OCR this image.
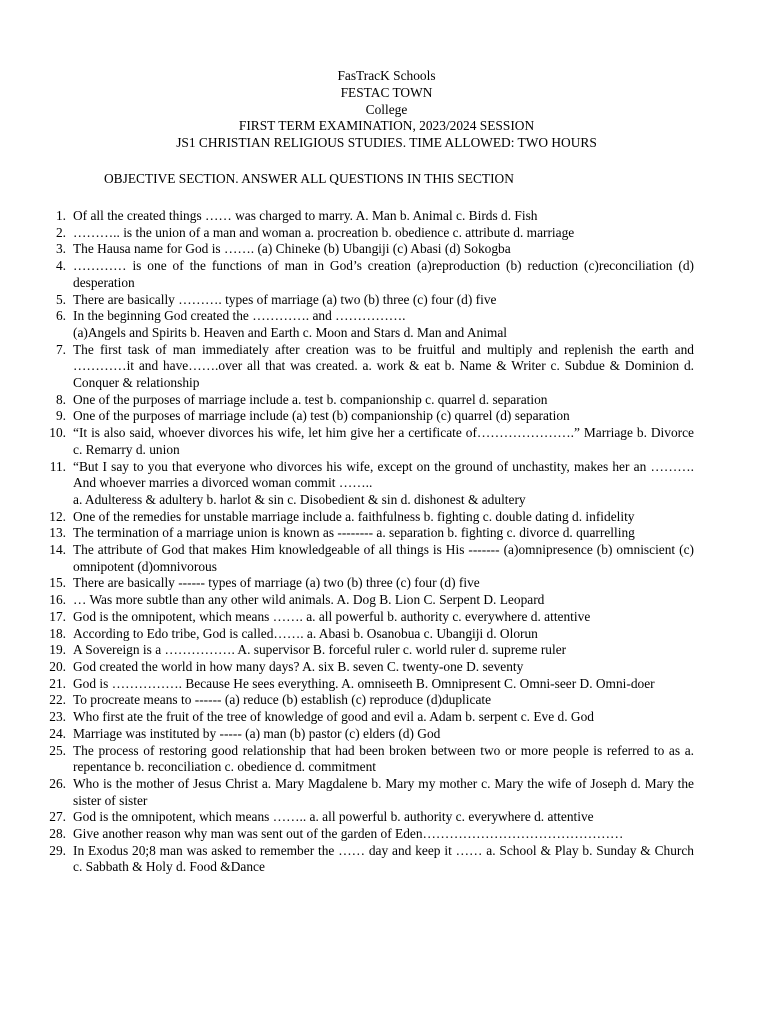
FasTracK Schools
FESTAC TOWN
College
FIRST TERM EXAMINATION, 2023/2024 SESSION
JS1 CHRISTIAN RELIGIOUS STUDIES. TIME ALLOWED: TWO HOURS
OBJECTIVE SECTION. ANSWER ALL QUESTIONS IN THIS SECTION
1. Of all the created things …… was charged to marry. A. Man b. Animal c. Birds d. Fish
2. ……….. is the union of a man and woman a. procreation b. obedience c. attribute d. marriage
3. The Hausa name for God is ……. (a) Chineke (b) Ubangiji (c) Abasi (d) Sokogba
4. ………… is one of the functions of man in God’s creation (a)reproduction (b) reduction (c)reconciliation (d) desperation
5. There are basically ………. types of marriage (a) two (b) three (c) four (d) five
6. In the beginning God created the …………. and …………….
(a)Angels and Spirits b. Heaven and Earth c. Moon and Stars d. Man and Animal
7. The first task of man immediately after creation was to be fruitful and multiply and replenish the earth and …………it and have…….over all that was created. a. work & eat b. Name & Writer c. Subdue & Dominion d. Conquer & relationship
8. One of the purposes of marriage include a. test b. companionship c. quarrel d. separation
9. One of the purposes of marriage include (a) test (b) companionship (c) quarrel (d) separation
10. “It is also said, whoever divorces his wife, let him give her a certificate of………………….” Marriage b. Divorce c. Remarry d. union
11. “But I say to you that everyone who divorces his wife, except on the ground of unchastity, makes her an ………. And whoever marries a divorced woman commit ……..
a. Adulteress & adultery b. harlot & sin c. Disobedient & sin d. dishonest & adultery
12. One of the remedies for unstable marriage include a. faithfulness b. fighting c. double dating d. infidelity
13. The termination of a marriage union is known as -------- a. separation b. fighting c. divorce d. quarrelling
14. The attribute of God that makes Him knowledgeable of all things is His ------- (a)omnipresence (b) omniscient (c) omnipotent (d)omnivorous
15. There are basically ------ types of marriage (a) two (b) three (c) four (d) five
16. … Was more subtle than any other wild animals. A. Dog B. Lion C. Serpent D. Leopard
17. God is the omnipotent, which means ……. a. all powerful b. authority c. everywhere d. attentive
18. According to Edo tribe, God is called……. a. Abasi b. Osanobua c. Ubangiji d. Olorun
19. A Sovereign is a ……………. A. supervisor B. forceful ruler c. world ruler d. supreme ruler
20. God created the world in how many days? A. six B. seven C. twenty-one D. seventy
21. God is ……………. Because He sees everything. A. omniseeth B. Omnipresent C. Omni-seer D. Omni-doer
22. To procreate means to ------ (a) reduce (b) establish (c) reproduce (d)duplicate
23. Who first ate the fruit of the tree of knowledge of good and evil a. Adam b. serpent c. Eve d. God
24. Marriage was instituted by ----- (a) man (b) pastor (c) elders (d) God
25. The process of restoring good relationship that had been broken between two or more people is referred to as a. repentance b. reconciliation c. obedience d. commitment
26. Who is the mother of Jesus Christ a. Mary Magdalene b. Mary my mother c. Mary the wife of Joseph d. Mary the sister of sister
27. God is the omnipotent, which means …….. a. all powerful b. authority c. everywhere d. attentive
28. Give another reason why man was sent out of the garden of Eden………………………………………
29. In Exodus 20;8 man was asked to remember the …… day and keep it …… a. School & Play b. Sunday & Church c. Sabbath & Holy d. Food &Dance
